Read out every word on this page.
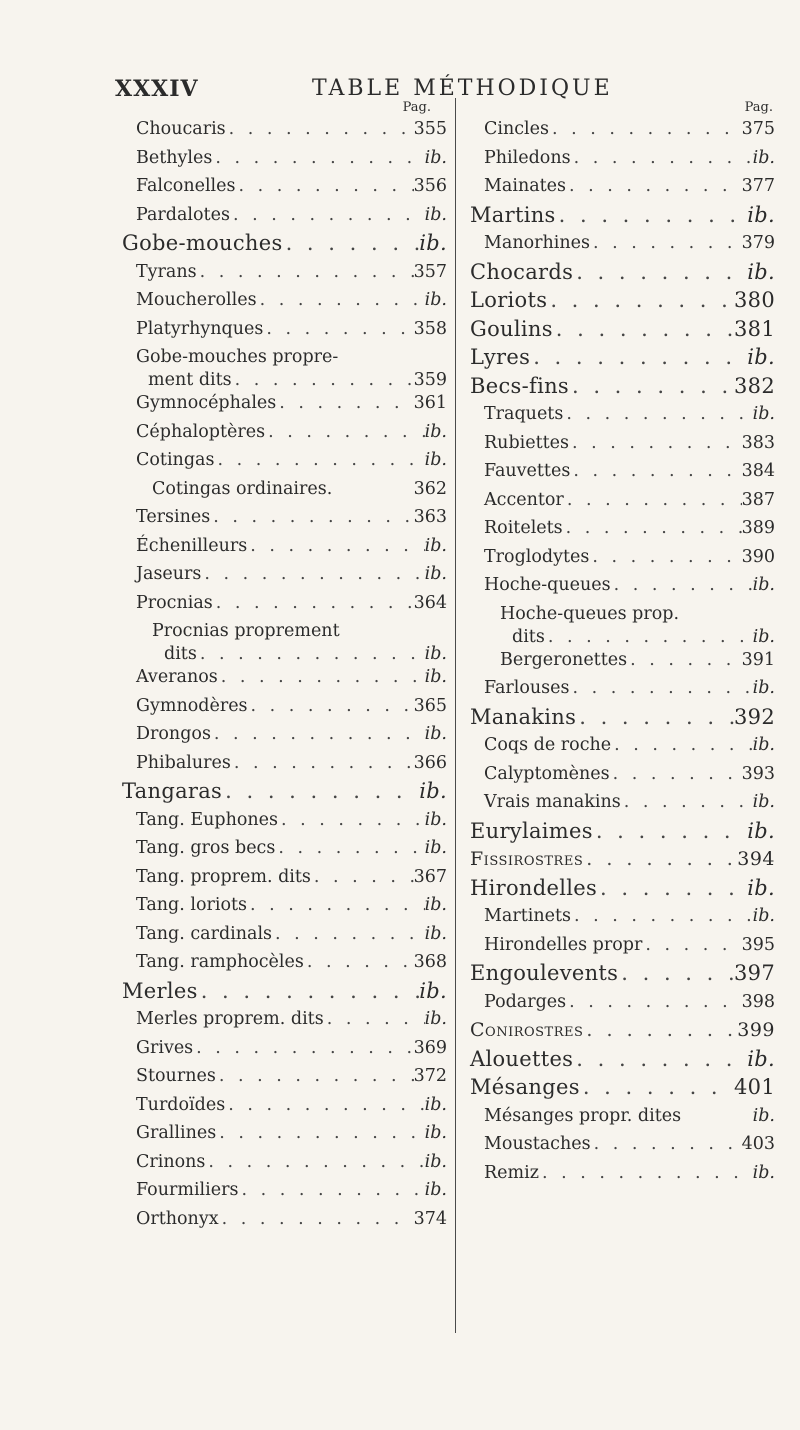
XXXIV	TABLE MÉTHODIQUE
Pag.
Choucaris . . .	355
Bethyles . . .	ib.
Falconelles . . .	356
Pardalotes . . .	ib.
Gobe-mouches . . .	ib.
Tyrans . . .	357
Moucherolles . . .	ib.
Platyrhynques . . .	358
Gobe-mouches propre-
ment dits . . .	359
Gymnocéphales . . .	361
Céphaloptères . . .	ib.
Cotingas . . .	ib.
Cotingas ordinaires.	362
Tersines . . .	363
Échenilleurs . . .	ib.
Jaseurs . . .	ib.
Procnias . . .	364
Procnias proprement
dits . . .	ib.
Averanos . . .	ib.
Gymnodères . . .	365
Drongos . . .	ib.
Phibalures . . .	366
Tangaras . . .	ib.
Tang. Euphones . . .	ib.
Tang. gros becs . . .	ib.
Tang. proprem. dits . . .	367
Tang. loriots . . .	ib.
Tang. cardinals . . .	ib.
Tang. ramphocèles . . .	368
Merles . . .	ib.
Merles proprem. dits . . .	ib.
Grives . . .	369
Stournes . . .	372
Turdoïdes . . .	ib.
Grallines . . .	ib.
Crinons . . .	ib.
Fourmiliers . . .	ib.
Orthonyx . . .	374
Pag.
Cincles . . .	375
Philedons . . .	ib.
Mainates . . .	377
Martins . . .	ib.
Manorhines . . .	379
Chocards . . .	ib.
Loriots . . .	380
Goulins . . .	381
Lyres . . .	ib.
Becs-fins . . .	382
Traquets . . .	ib.
Rubiettes . . .	383
Fauvettes . . .	384
Accentor . . .	387
Roitelets . . .	389
Troglodytes . . .	390
Hoche-queues . . .	ib.
Hoche-queues prop.
dits . . .	ib.
Bergeronettes . . .	391
Farlouses . . .	ib.
Manakins . . .	392
Coqs de roche . . .	ib.
Calyptomènes . . .	393
Vrais manakins . . .	ib.
Eurylaimes . . .	ib.
Fissirostres . . .	394
Hirondelles . . .	ib.
Martinets . . .	ib.
Hirondelles propr . . .	395
Engoulevents . . .	397
Podarges . . .	398
Conirostres . . .	399
Alouettes . . .	ib.
Mésanges . . .	401
Mésanges propr. dites	ib.
Moustaches . . .	403
Remiz . . .	ib.
